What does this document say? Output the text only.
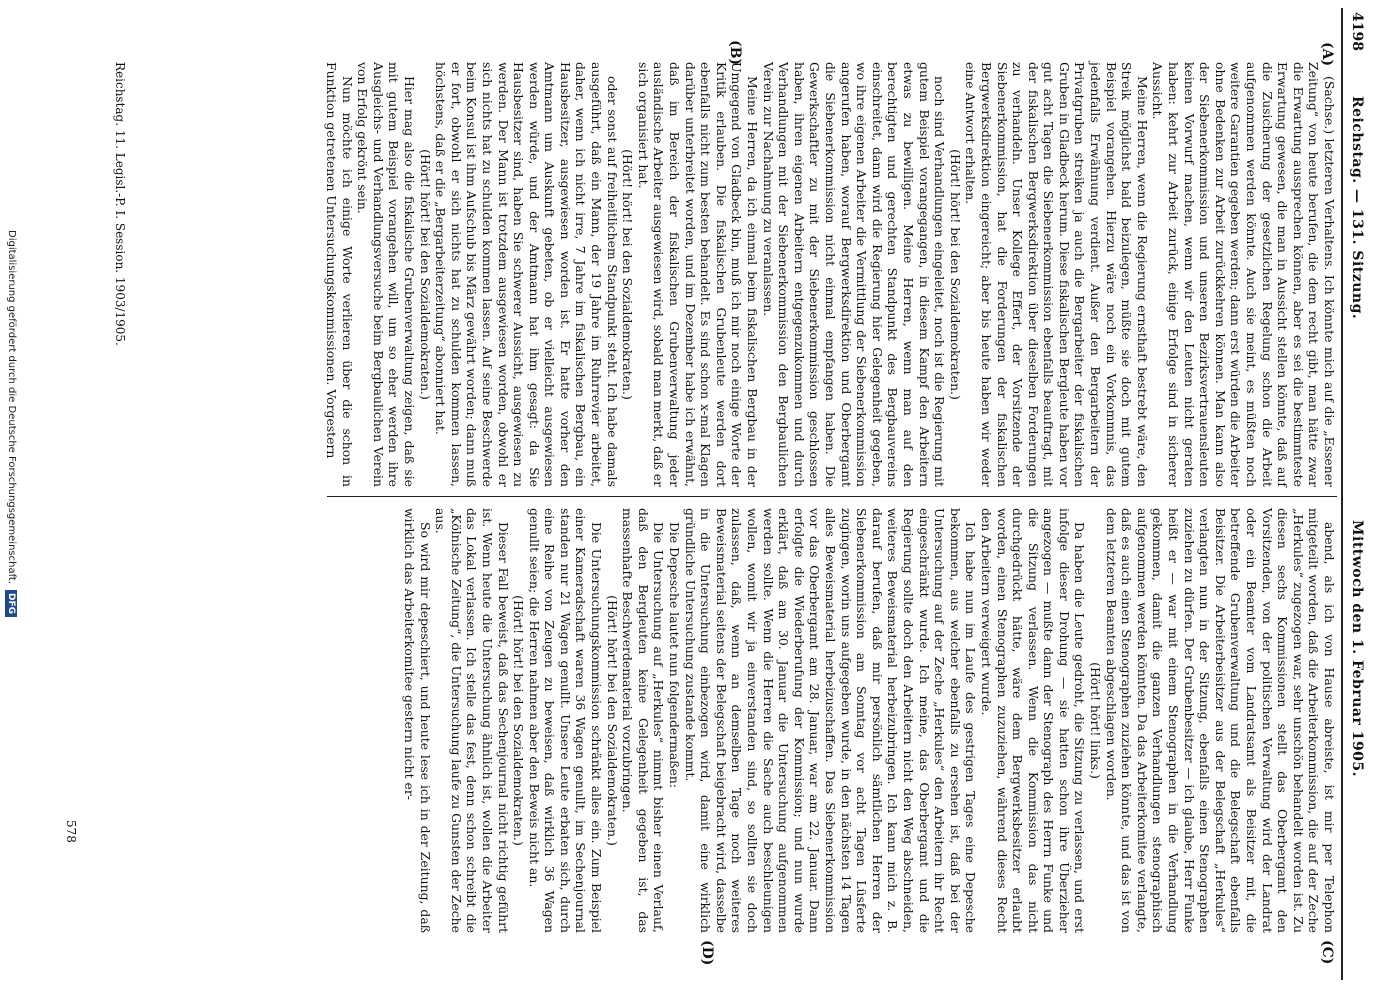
4198
Reichstag. — 131. Sitzung.
Mittwoch den 1. Februar 1905.
(A)
(B)
(C)
(D)

(Sachse.) letzteren Verhaltens. Ich könnte mich auf die „Essener Zeitung“ von heute berufen, die dem recht gibt, man hätte zwar die Erwartung aussprechen können, aber es sei die bestimmteste Erwartung gewesen, die man in Aussicht stellen könnte, daß auf die Zusicherung der gesetzlichen Regelung schon die Arbeit aufgenommen werden könnte. Auch sie meint, es müßten noch weitere Garantien gegeben werden; dann erst würden die Arbeiter ohne Bedenken zur Arbeit zurückkehren können. Man kann also der Siebenerkommission und unseren Bezirksvertrauensleuten keinen Vorwurf machen, wenn wir den Leuten nicht geraten haben: kehrt zur Arbeit zurück, einige Erfolge sind in sicherer Aussicht.

Meine Herren, wenn die Regierung ernsthaft bestrebt wäre, den Streik möglichst bald beizulegen, müßte sie doch mit gutem Beispiel vorangehen. Hierzu wäre noch ein Vorkommnis, das jedenfalls Erwähnung verdient. Außer den Bergarbeitern der Privatgruben streiken ja auch die Bergarbeiter der fiskalischen Gruben in Gladbeck herum. Diese fiskalischen Bergleute haben vor gut acht Tagen die Siebenerkommission ebenfalls beauftragt, mit der fiskalischen Bergwerksdirektion über dieselben Forderungen zu verhandeln. Unser Kollege Effert, der Vorsitzende der Siebenerkommission, hat die Forderungen der fiskalischen Bergwerksdirektion eingereicht; aber bis heute haben wir weder eine Antwort erhalten.

(Hört! hört! bei den Sozialdemokraten.)

noch sind Verhandlungen eingeleitet, noch ist die Regierung mit gutem Beispiel vorangegangen, in diesem Kampf den Arbeitern etwas zu bewilligen. Meine Herren, wenn man auf den berechtigten und gerechten Standpunkt des Bergbauvereins einschreitet, dann wird die Regierung hier Gelegenheit gegeben, wo ihre eigenen Arbeiter die Vermittlung der Siebenerkommission angerufen haben, worauf Bergwerksdirektion und Oberbergamt die Siebenerkommission nicht einmal empfangen haben. Die Gewerkschaftler zu mit der Siebenerkommission geschlossen haben, ihren eigenen Arbeitern entgegenzukommen und durch Verhandlungen mit der Siebenerkommission den Bergbaulichen Verein zur Nachahmung zu veranlassen.

Meine Herren, da ich einmal beim fiskalischen Bergbau in der Umgegend von Gladbeck bin, muß ich mir noch einige Worte der Kritik erlauben. Die fiskalischen Grubenleute werden dort ebenfalls nicht zum besten behandelt. Es sind schon x-mal Klagen darüber unterbreitet worden, und im Dezember habe ich erwähnt, daß im Bereich der fiskalischen Grubenverwaltung jeder ausländische Arbeiter ausgewiesen wird, sobald man merkt, daß er sich organisiert hat.

(Hört! hört! bei den Sozialdemokraten.)

oder sonst auf freiheitlichem Standpunkt steht. Ich habe damals ausgeführt, daß ein Mann, der 19 Jahre im Ruhrrevier arbeitet, daher, wenn ich nicht irre, 7 Jahre im fiskalischen Bergbau, ein Hausbesitzer, ausgewiesen worden ist. Er hatte vorher den Amtmann um Auskunft gebeten, ob er vielleicht ausgewiesen werden würde, und der Amtmann hat ihm gesagt: da Sie Hausbesitzer sind, haben Sie schwerer Aussicht, ausgewiesen zu werden. Der Mann ist trotzdem ausgewiesen worden, obwohl er sich nichts hat zu schulden kommen lassen. Auf seine Beschwerde beim Konsul ist ihm Aufschub bis März gewährt worden; dann muß er fort, obwohl er sich nichts hat zu schulden kommen lassen, höchstens, daß er die „Bergarbeiterzeitung“ abonniert hat.

(Hört! hört! bei den Sozialdemokraten.)

Hier mag also die fiskalische Grubenverwaltung zeigen, daß sie mit gutem Beispiel vorangehen will, um so eher werden ihre Ausgleichs- und Verhandlungsversuche beim Bergbaulichen Verein von Erfolg gekrönt sein.

Nun möchte ich einige Worte verlieren über die schon in Funktion getretenen Untersuchungskommissionen. Vorgestern

abend, als ich von Hause abreiste, ist mir per Telephon mitgeteilt worden, daß die Arbeiterkommission, die auf der Zeche „Herkules“ zugezogen war, sehr unschön behandelt worden ist. Zu diesen sechs Kommissionen stellt das Oberbergamt den Vorsitzenden, von der politischen Verwaltung wird der Landrat oder ein Beamter vom Landratsamt als Beisitzer mit, die betreffende Grubenverwaltung und die Belegschaft ebenfalls Beisitzer. Die Arbeiterbeisitzer aus der Belegschaft „Herkules“ verlangten nun in der Sitzung, ebenfalls einen Stenographen zuziehen zu dürfen. Der Grubenbesitzer — ich glaube, Herr Funke heißt er — war mit einem Stenographen in die Verhandlung gekommen, damit die ganzen Verhandlungen stenographisch aufgenommen werden könnten. Da das Arbeiterkomitee verlangte, daß es auch einen Stenographen zuziehen könnte, und das ist von dem letzteren Beamten abgeschlagen worden.

(Hört! hört! links.)

Da haben die Leute gedroht, die Sitzung zu verlassen, und erst infolge dieser Drohung — sie hatten schon ihre Überzieher angezogen — mußte dann der Stenograph des Herrn Funke und die Sitzung verlassen. Wenn die Kommission das nicht durchgedrückt hätte, wäre dem Bergwerksbesitzer erlaubt worden, einen Stenographen zuzuziehen, während dieses Recht den Arbeitern verweigert wurde.

Ich habe nun im Laufe des gestrigen Tages eine Depesche bekommen, aus welcher ebenfalls zu ersehen ist, daß bei der Untersuchung auf der Zeche „Herkules“ den Arbeitern ihr Recht eingeschränkt wurde. Ich meine, das Oberbergamt und die Regierung sollte doch den Arbeitern nicht den Weg abschneiden, weiteres Beweismaterial herbeizubringen. Ich kann mich z. B. darauf berufen, daß mir persönlich sämtlichen Herren der Siebenerkommission am Sonntag vor acht Tagen Lüsferte zugingen, worin uns aufgegeben wurde, in den nächsten 14 Tagen alles Beweismaterial herbeizuschaffen. Das Siebenerkommission vor das Oberbergamt am 28. Januar, war am 22. Januar. Dann erfolgte die Wiederberufung der Kommission; und nun wurde erklärt, daß am 30. Januar die Untersuchung aufgenommen werden sollte. Wenn die Herren die Sache auch beschleunigen wollen, womit wir ja einverstanden sind, so sollten sie doch zulassen, daß, wenn an demselben Tage noch weiteres Beweismaterial seitens der Belegschaft beigebracht wird, dasselbe in die Untersuchung einbezogen wird, damit eine wirklich gründliche Untersuchung zustande kommt.

Die Depesche lautet nun folgendermaßen:

Die Untersuchung auf „Herkules“ nimmt bisher einen Verlauf, daß den Bergleuten keine Gelegenheit gegeben ist, das massenhafte Beschwerdematerial vorzubringen.

(Hört! hört! bei den Sozialdemokraten.)

Die Untersuchungskommission schränkt alles ein. Zum Beispiel einer Kameradschaft waren 36 Wagen genullt, im Sechenjournal standen nur 21 Wagen genullt. Unsere Leute erbaten sich, durch eine Reihe von Zeugen zu beweisen, daß wirklich 36 Wagen genullt seien; die Herren nahmen aber den Beweis nicht an.

(Hört! hört! bei den Sozialdemokraten.)

Dieser Fall beweist, daß das Sechenjournal nicht richtig geführt ist. Wenn heute die Untersuchung ähnlich ist, wollen die Arbeiter das Lokal verlassen. Ich stelle das fest, denn schon schreibt die „Kölnische Zeitung“, die Untersuchung laufe zu Gunsten der Zeche aus.

So wird mir depeschiert, und heute lese ich in der Zeitung, daß wirklich das Arbeiterkomitee gestern nicht er-

Reichstag. 11. Legisl.-P. I. Session. 1903/1905.
578
Digitalisierung gefördert durch die Deutsche Forschungsgemeinschaft.DFG
